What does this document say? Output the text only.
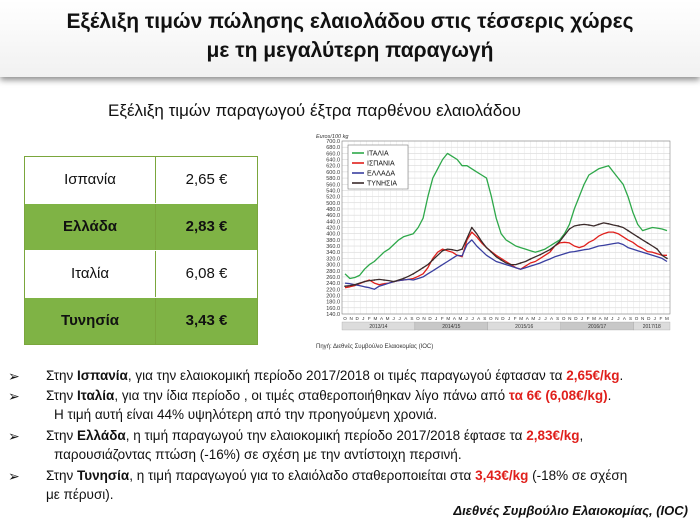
Εξέλιξη τιμών πώλησης ελαιολάδου στις τέσσερις χώρες
με τη μεγαλύτερη παραγωγή
Εξέλιξη τιμών παραγωγού έξτρα παρθένου ελαιολάδου
Ισπανία	2,65 €
Ελλάδα	2,83 €
Ιταλία	6,08 €
Τυνησία	3,43 €
Euros/100 kg
140.0
160.0
180.0
200.0
220.0
240.0
260.0
280.0
300.0
320.0
340.0
360.0
380.0
400.0
420.0
440.0
460.0
480.0
500.0
520.0
540.0
560.0
580.0
600.0
620.0
640.0
660.0
680.0
700.0
O N D J F M A M J J A S O N D J F M A M J J A S O N D J F M A M J J A S O N D J F M A M J J A S O N D J F M
2013/14	2014/15	2015/16	2016/17	2017/18
ΙΤΑΛΙΑ
ΙΣΠΑΝΙΑ
ΕΛΛΑΔΑ
ΤΥΝΗΣΙΑ
Πηγή: Διεθνές Συμβούλιο Ελαιοκομίας (IOC)
➢ Στην Ισπανία, για την ελαιοκομική περίοδο 2017/2018 οι τιμές παραγωγού έφτασαν τα 2,65€/kg.
➢ Στην Ιταλία, για την ίδια περίοδο , οι τιμές σταθεροποιήθηκαν λίγο πάνω από τα 6€ (6,08€/kg).
Η τιμή αυτή είναι 44% υψηλότερη από την προηγούμενη χρονιά.
➢ Στην Ελλάδα, η τιμή παραγωγού την ελαιοκομική περίοδο 2017/2018 έφτασε τα 2,83€/kg,
παρουσιάζοντας πτώση (-16%) σε σχέση με την αντίστοιχη περσινή.
➢ Στην Τυνησία, η τιμή παραγωγού για το ελαιόλαδο σταθεροποιείται στα 3,43€/kg (-18% σε σχέση
με πέρυσι).
Διεθνές Συμβούλιο Ελαιοκομίας, (IOC)
